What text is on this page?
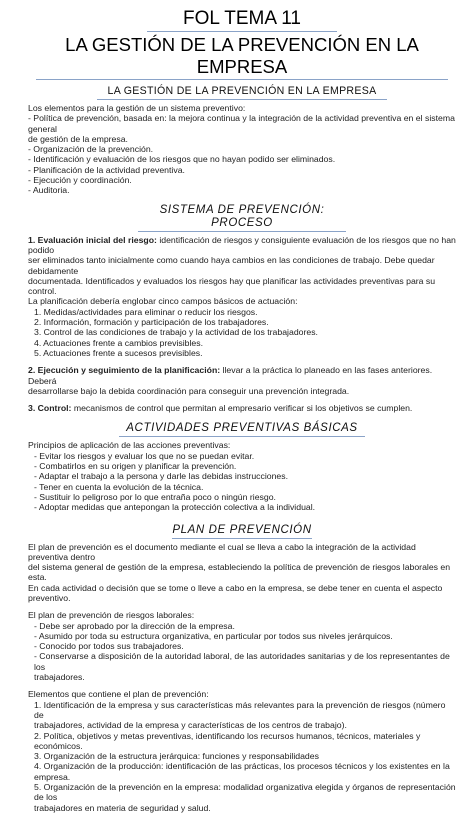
FOL TEMA 11
LA GESTIÓN DE LA PREVENCIÓN EN LA EMPRESA
LA GESTIÓN DE LA PREVENCIÓN EN LA EMPRESA

Los elementos para la gestión de un sistema preventivo:

- Política de prevención, basada en: la mejora continua y la integración de la actividad preventiva en el sistema general

de gestión de la empresa.

- Organización de la prevención.

- Identificación y evaluación de los riesgos que no hayan podido ser eliminados.

- Planificación de la actividad preventiva.

- Ejecución y coordinación.

- Auditoria.

SISTEMA DE PREVENCIÓN: PROCESO

1. Evaluación inicial del riesgo: identificación de riesgos y consiguiente evaluación de los riesgos que no han podido

ser eliminados tanto inicialmente como cuando haya cambios en las condiciones de trabajo. Debe quedar debidamente

documentada. Identificados y evaluados los riesgos hay que planificar las actividades preventivas para su control.

La planificación debería englobar cinco campos básicos de actuación:

1. Medidas/actividades para eliminar o reducir los riesgos.

2. Información, formación y participación de los trabajadores.

3. Control de las condiciones de trabajo y la actividad de los trabajadores.

4. Actuaciones frente a cambios previsibles.

5. Actuaciones frente a sucesos previsibles.

2. Ejecución y seguimiento de la planificación: llevar a la práctica lo planeado en las fases anteriores. Deberá

desarrollarse bajo la debida coordinación para conseguir una prevención integrada.

3. Control: mecanismos de control que permitan al empresario verificar si los objetivos se cumplen.

ACTIVIDADES PREVENTIVAS BÁSICAS

Principios de aplicación de las acciones preventivas:

- Evitar los riesgos y evaluar los que no se puedan evitar.

- Combatirlos en su origen y planificar la prevención.

- Adaptar el trabajo a la persona y darle las debidas instrucciones.

- Tener en cuenta la evolución de la técnica.

- Sustituir lo peligroso por lo que entraña poco o ningún riesgo.

- Adoptar medidas que antepongan la protección colectiva a la individual.

PLAN DE PREVENCIÓN

El plan de prevención es el documento mediante el cual se lleva a cabo la integración de la actividad preventiva dentro

del sistema general de gestión de la empresa, estableciendo la política de prevención de riesgos laborales en esta.

En cada actividad o decisión que se tome o lleve a cabo en la empresa, se debe tener en cuenta el aspecto preventivo.

El plan de prevención de riesgos laborales:

- Debe ser aprobado por la dirección de la empresa.

- Asumido por toda su estructura organizativa, en particular por todos sus niveles jerárquicos.

- Conocido por todos sus trabajadores.

- Conservarse a disposición de la autoridad laboral, de las autoridades sanitarias y de los representantes de los

trabajadores.

Elementos que contiene el plan de prevención:

1. Identificación de la empresa y sus características más relevantes para la prevención de riesgos (número de

trabajadores, actividad de la empresa y características de los centros de trabajo).

2. Política, objetivos y metas preventivas, identificando los recursos humanos, técnicos, materiales y económicos.

3. Organización de la estructura jerárquica: funciones y responsabilidades

4. Organización de la producción: identificación de las prácticas, los procesos técnicos y los existentes en la empresa.

5. Organización de la prevención en la empresa: modalidad organizativa elegida y órganos de representación de los

trabajadores en materia de seguridad y salud.
